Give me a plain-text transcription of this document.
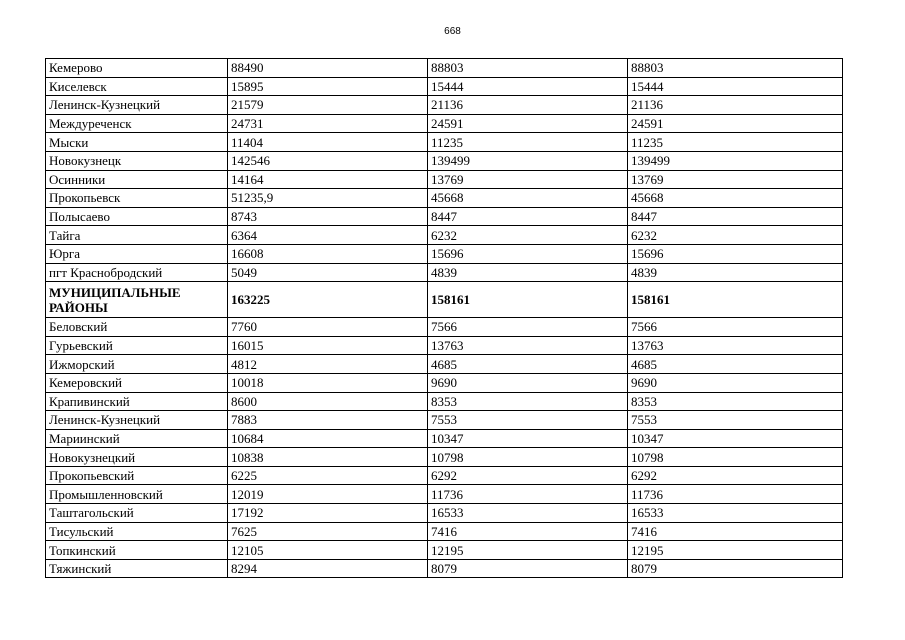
668
Кемерово	88490	88803	88803
Киселевск	15895	15444	15444
Ленинск-Кузнецкий	21579	21136	21136
Междуреченск	24731	24591	24591
Мыски	11404	11235	11235
Новокузнецк	142546	139499	139499
Осинники	14164	13769	13769
Прокопьевск	51235,9	45668	45668
Полысаево	8743	8447	8447
Тайга	6364	6232	6232
Юрга	16608	15696	15696
пгт Краснобродский	5049	4839	4839
МУНИЦИПАЛЬНЫЕ РАЙОНЫ	163225	158161	158161
Беловский	7760	7566	7566
Гурьевский	16015	13763	13763
Ижморский	4812	4685	4685
Кемеровский	10018	9690	9690
Крапивинский	8600	8353	8353
Ленинск-Кузнецкий	7883	7553	7553
Мариинский	10684	10347	10347
Новокузнецкий	10838	10798	10798
Прокопьевский	6225	6292	6292
Промышленновский	12019	11736	11736
Таштагольский	17192	16533	16533
Тисульский	7625	7416	7416
Топкинский	12105	12195	12195
Тяжинский	8294	8079	8079
